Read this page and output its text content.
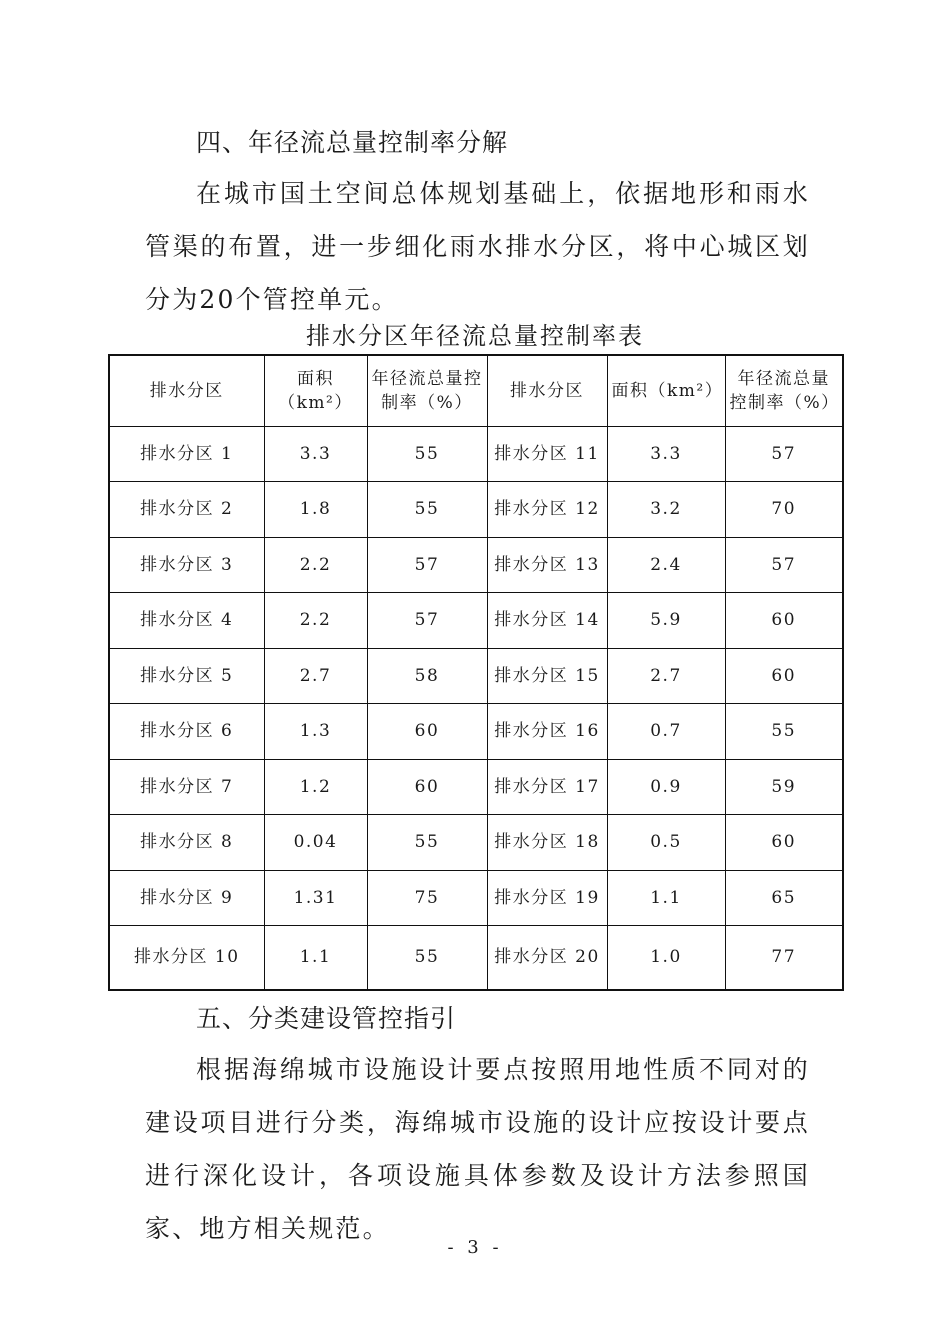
四、年径流总量控制率分解

在城市国土空间总体规划基础上，依据地形和雨水管渠的布置，进一步细化雨水排水分区，将中心城区划分为20个管控单元。

排水分区年径流总量控制率表
排水分区	面积（km²）	年径流总量控制率（%）	排水分区	面积（km²）	年径流总量控制率（%）
排水分区 1	3.3	55	排水分区 11	3.3	57
排水分区 2	1.8	55	排水分区 12	3.2	70
排水分区 3	2.2	57	排水分区 13	2.4	57
排水分区 4	2.2	57	排水分区 14	5.9	60
排水分区 5	2.7	58	排水分区 15	2.7	60
排水分区 6	1.3	60	排水分区 16	0.7	55
排水分区 7	1.2	60	排水分区 17	0.9	59
排水分区 8	0.04	55	排水分区 18	0.5	60
排水分区 9	1.31	75	排水分区 19	1.1	65
排水分区 10	1.1	55	排水分区 20	1.0	77
五、分类建设管控指引

根据海绵城市设施设计要点按照用地性质不同对的建设项目进行分类，海绵城市设施的设计应按设计要点进行深化设计，各项设施具体参数及设计方法参照国家、地方相关规范。

- 3 -
